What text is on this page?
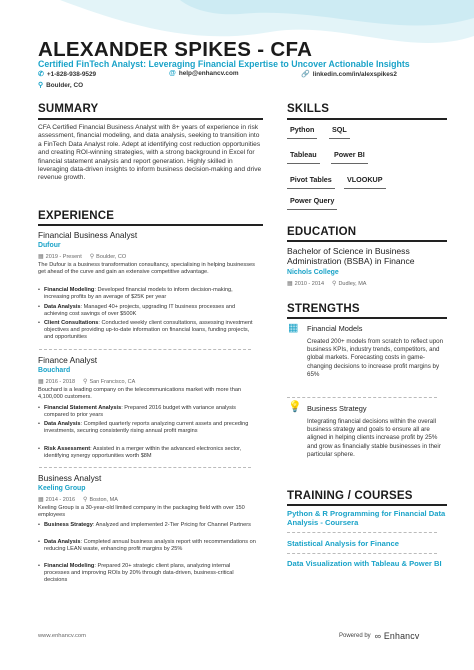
ALEXANDER SPIKES - CFA
Certified FinTech Analyst: Leveraging Financial Expertise to Uncover Actionable Insights
✆ +1-828-938-9529	@ help@enhancv.com	🔗 linkedin.com/in/alexspikes2
⚲ Boulder, CO
SUMMARY
CFA Certified Financial Business Analyst with 8+ years of experience in risk assessment, financial modeling, and data analysis, seeking to transition into a FinTech Data Analyst role. Adept at identifying cost reduction opportunities and creating ROI-winning strategies, with a strong background in Excel for financial statement analysis and report generation. Highly skilled in leveraging data-driven insights to inform business decision-making and drive revenue growth.
EXPERIENCE
Financial Business Analyst
Dufour
▦ 2019 - Present ⚲ Boulder, CO
The Dufour is a business transformation consultancy, specialising in helping businesses get ahead of the curve and gain an extensive competitive advantage.
• Financial Modeling: Developed financial models to inform decision-making, increasing profits by an average of $25K per year
• Data Analysis: Managed 40+ projects, upgrading IT business processes and achieving cost savings of over $500K
• Client Consultations: Conducted weekly client consultations, assessing investment objectives and providing up-to-date information on financial loans, funding projects, and opportunities
Finance Analyst
Bouchard
▦ 2016 - 2018 ⚲ San Francisco, CA
Bouchard is a leading company on the telecommunications market with more than 4,100,000 customers.
• Financial Statement Analysis: Prepared 2016 budget with variance analysis compared to prior years
• Data Analysis: Compiled quarterly reports analyzing current assets and preceding investments, securing consistently rising annual profit margins
• Risk Assessment: Assisted in a merger within the advanced electronics sector, identifying synergy opportunities worth $8M
Business Analyst
Keeling Group
▦ 2014 - 2016 ⚲ Boston, MA
Keeling Group is a 30-year-old limited company in the packaging field with over 150 employees
• Business Strategy: Analyzed and implemented 2-Tier Pricing for Channel Partners
• Data Analysis: Completed annual business analysis report with recommendations on reducing LEAN waste, enhancing profit margins by 25%
• Financial Modeling: Prepared 20+ strategic client plans, analyzing internal processes and improving ROIs by 20% through data-driven, business-critical decisions
SKILLS
Python	SQL
Tableau	Power BI
Pivot Tables	VLOOKUP
Power Query
EDUCATION
Bachelor of Science in Business Administration (BSBA) in Finance
Nichols College
▦ 2010 - 2014 ⚲ Dudley, MA
STRENGTHS
▦ Financial Models
Created 200+ models from scratch to reflect upon business KPIs, industry trends, competitors, and global markets. Forecasting costs in game-changing decisions to increase profit margins by 65%
💡 Business Strategy
Integrating financial decisions within the overall business strategy and goals to ensure all are aligned in helping clients increase profit by 25% and grow as financially stable businesses in their particular sphere.
TRAINING / COURSES
Python & R Programming for Financial Data Analysis - Coursera
Statistical Analysis for Finance
Data Visualization with Tableau & Power BI
www.enhancv.com	Powered by ∞ Enhancv
